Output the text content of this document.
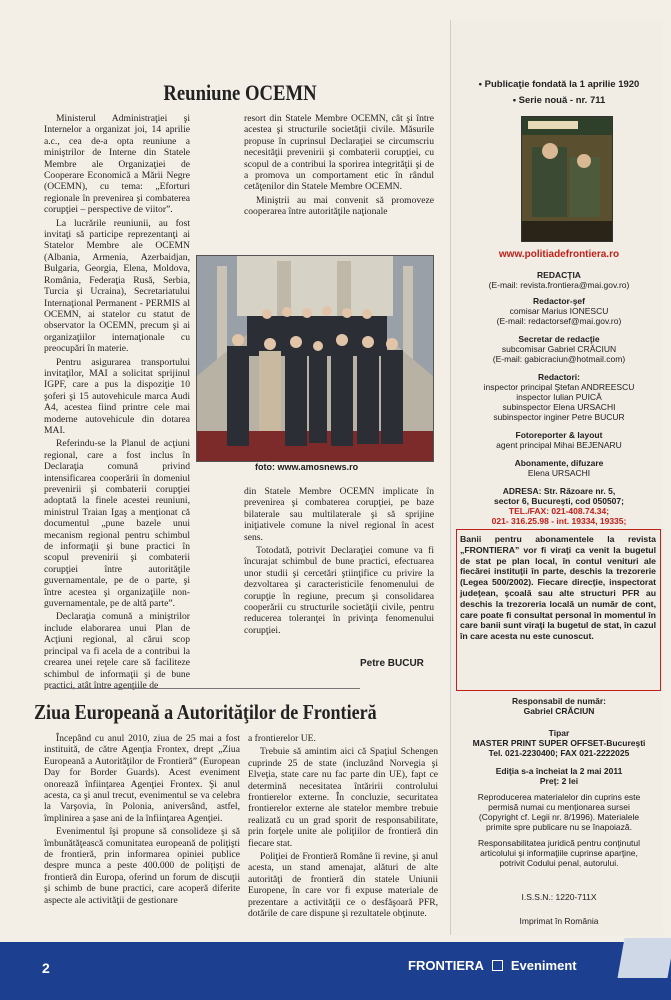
Reuniune OCEMN

Ministerul Administraţiei şi Internelor a organizat joi, 14 aprilie a.c., cea de-a opta reuniune a miniştrilor de Interne din Statele Membre ale Organizaţiei de Cooperare Economică a Mării Negre (OCEMN), cu tema: „Eforturi regionale în prevenirea şi combaterea corupţiei – perspective de viitor”.

La lucrările reuniunii, au fost invitaţi să participe reprezentanţi ai Statelor Membre ale OCEMN (Albania, Armenia, Azerbaidjan, Bulgaria, Georgia, Elena, Moldova, România, Federaţia Rusă, Serbia, Turcia şi Ucraina), Secretariatului Internaţional Permanent - PERMIS al OCEMN, ai statelor cu statut de observator la OCEMN, precum şi ai organizaţiilor internaţionale cu preocupări în materie.

Pentru asigurarea transportului invitaţilor, MAI a solicitat sprijinul IGPF, care a pus la dispoziţie 10 şoferi şi 15 autovehicule marca Audi A4, acestea fiind printre cele mai moderne autovehicule din dotarea MAI.

Referindu-se la Planul de acţiuni regional, care a fost inclus în Declaraţia comună privind intensificarea cooperării în domeniul prevenirii şi combaterii corupţiei adoptată la finele acestei reuniuni, ministrul Traian Igaş a menţionat că documentul „pune bazele unui mecanism regional pentru schimbul de informaţii şi bune practici în scopul prevenirii şi combaterii corupţiei între autorităţile guvernamentale, pe de o parte, şi între acestea şi organizaţiile non-guvernamentale, pe de altă parte”.

Declaraţia comună a miniştrilor include elaborarea unui Plan de Acţiuni regional, al cărui scop principal va fi acela de a contribui la crearea unei reţele care să faciliteze schimbul de informaţii şi de bune practici, atât între agenţiile de

resort din Statele Membre OCEMN, cât şi între acestea şi structurile societăţii civile. Măsurile propuse în cuprinsul Declaraţiei se circumscriu necesităţii prevenirii şi combaterii corupţiei, cu scopul de a contribui la sporirea integrităţii şi de a promova un comportament etic în rândul cetăţenilor din Statele Membre OCEMN.

Miniştrii au mai convenit să promoveze cooperarea între autorităţile naţionale

foto: www.amosnews.ro

din Statele Membre OCEMN implicate în prevenirea şi combaterea corupţiei, pe baze bilaterale sau multilaterale şi să sprijine iniţiativele comune la nivel regional în acest sens.

Totodată, potrivit Declaraţiei comune va fi încurajat schimbul de bune practici, efectuarea unor studii şi cercetări ştiinţifice cu privire la dezvoltarea şi caracteristicile fenomenului de corupţie în regiune, precum şi consolidarea cooperării cu structurile societăţii civile, pentru reducerea toleranţei în privinţa fenomenului corupţiei.

Petre BUCUR
Ziua Europeană a Autorităţilor de Frontieră

Începând cu anul 2010, ziua de 25 mai a fost instituită, de către Agenţia Frontex, drept „Ziua Europeană a Autorităţilor de Frontieră” (European Day for Border Guards). Acest eveniment onorează înfiinţarea Agenţiei Frontex. Şi anul acesta, ca şi anul trecut, evenimentul se va celebra la Varşovia, în Polonia, aniversând, astfel, împlinirea a şase ani de la înfiinţarea Agenţiei.

Evenimentul îşi propune să consolideze şi să îmbunătăţească comunitatea europeană de poliţişti de frontieră, prin informarea opiniei publice despre munca a peste 400.000 de poliţişti de frontieră din Europa, oferind un forum de discuţii şi schimb de bune practici, care acoperă diferite aspecte ale activităţii de gestionare

a frontierelor UE.

Trebuie să amintim aici că Spaţiul Schengen cuprinde 25 de state (incluzând Norvegia şi Elveţia, state care nu fac parte din UE), fapt ce determină necesitatea întăririi controlului frontierelor externe. În concluzie, securitatea frontierelor externe ale statelor membre trebuie realizată cu un grad sporit de responsabilitate, prin forţele unite ale poliţiilor de frontieră din fiecare stat.

Poliţiei de Frontieră Române îi revine, şi anul acesta, un stand amenajat, alături de alte autorităţi de frontieră din statele Uniunii Europene, în care vor fi expuse materiale de prezentare a activităţii ce o desfăşoară PFR, dotările de care dispune şi rezultatele obţinute.

• Publicaţie fondată la 1 aprilie 1920
• Serie nouă - nr. 711
www.politiadefrontiera.ro
REDACŢIA
(E-mail: revista.frontiera@mai.gov.ro)
Redactor-şef
comisar Marius IONESCU
(E-mail: redactorsef@mai.gov.ro)
Secretar de redacţie
subcomisar Gabriel CRĂCIUN
(E-mail: gabicraciun@hotmail.com)
Redactori:
inspector principal Ştefan ANDREESCU
inspector Iulian PUICĂ
subinspector Elena URSACHI
subinspector inginer Petre BUCUR
Fotoreporter & layout
agent principal Mihai BEJENARU
Abonamente, difuzare
Elena URSACHI
ADRESA: Str. Răzoare nr. 5,
sector 6, Bucureşti, cod 050507;
TEL./FAX: 021-408.74.34;
021- 316.25.98 - int. 19334, 19335;
Banii pentru abonamentele la revista „FRONTIERA” vor fi viraţi ca venit la bugetul de stat pe plan local, în contul venituri ale fiecărei instituţii în parte, deschis la trezorerie (Legea 500/2002). Fiecare direcţie, inspectorat judeţean, şcoală sau alte structuri PFR au deschis la trezoreria locală un număr de cont, care poate fi consultat personal în momentul în care banii sunt viraţi la bugetul de stat, în cazul în care acesta nu este cunoscut.
Responsabil de număr:
Gabriel CRĂCIUN
Tipar
MASTER PRINT SUPER OFFSET-Bucureşti
Tel. 021-2230400; FAX 021-2222025
Ediţia s-a încheiat la 2 mai 2011
Preţ: 2 lei
Reproducerea materialelor din cuprins este permisă numai cu menţionarea sursei (Copyright cf. Legii nr. 8/1996). Materialele primite spre publicare nu se înapoiază.
Responsabilitatea juridică pentru conţinutul articolului şi informaţiile cuprinse aparţine, potrivit Codului penal, autorului.
I.S.S.N.: 1220-711X
Imprimat în România
2	FRONTIERA Eveniment
